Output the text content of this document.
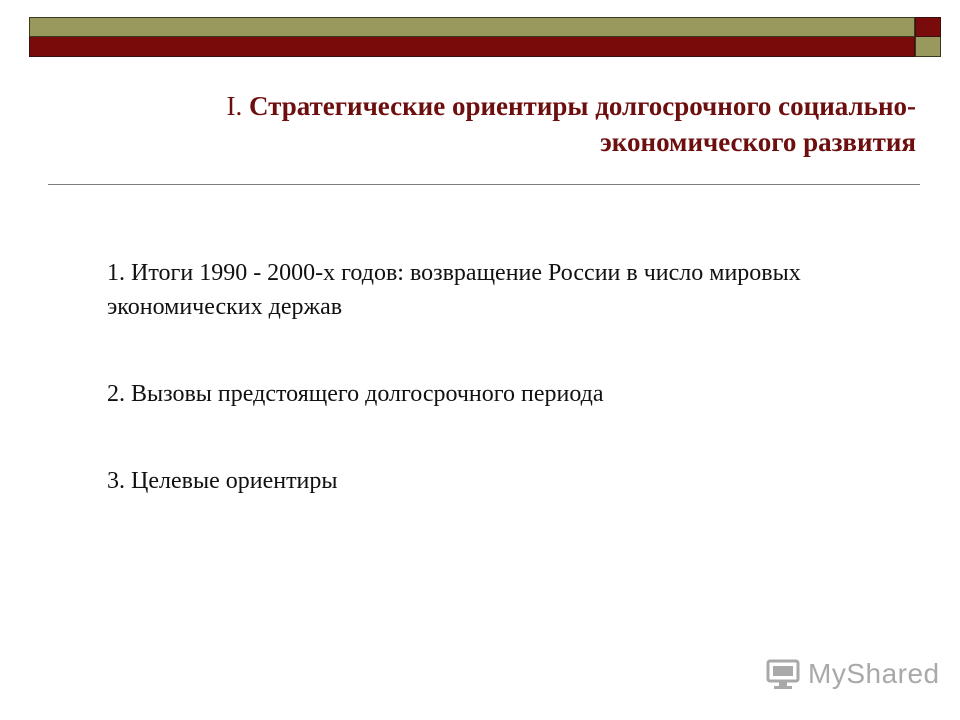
I. Стратегические ориентиры долгосрочного социально-экономического развития

1. Итоги 1990 - 2000-х годов: возвращение России в число мировых экономических держав

2. Вызовы предстоящего долгосрочного периода

3. Целевые ориентиры

MyShared
